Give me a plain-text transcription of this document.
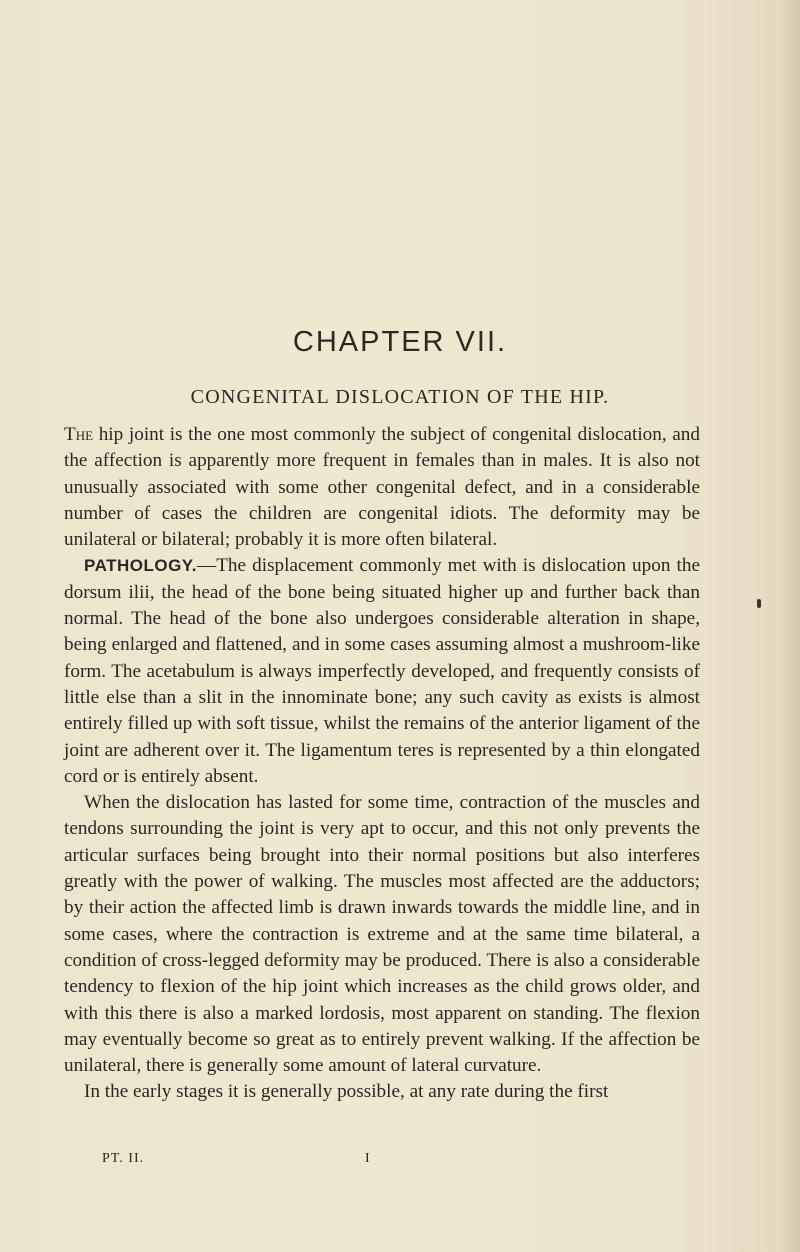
CHAPTER VII.
CONGENITAL DISLOCATION OF THE HIP.

The hip joint is the one most commonly the subject of congenital dislocation, and the affection is apparently more frequent in females than in males. It is also not unusually associated with some other congenital defect, and in a considerable number of cases the children are congenital idiots. The deformity may be unilateral or bilateral; probably it is more often bilateral.

PATHOLOGY.—The displacement commonly met with is dislocation upon the dorsum ilii, the head of the bone being situated higher up and further back than normal. The head of the bone also undergoes considerable alteration in shape, being enlarged and flattened, and in some cases assuming almost a mushroom-like form. The acetabulum is always imperfectly developed, and frequently consists of little else than a slit in the innominate bone; any such cavity as exists is almost entirely filled up with soft tissue, whilst the remains of the anterior ligament of the joint are adherent over it. The ligamentum teres is represented by a thin elongated cord or is entirely absent.

When the dislocation has lasted for some time, contraction of the muscles and tendons surrounding the joint is very apt to occur, and this not only prevents the articular surfaces being brought into their normal positions but also interferes greatly with the power of walking. The muscles most affected are the adductors; by their action the affected limb is drawn inwards towards the middle line, and in some cases, where the contraction is extreme and at the same time bilateral, a condition of cross-legged deformity may be produced. There is also a considerable tendency to flexion of the hip joint which increases as the child grows older, and with this there is also a marked lordosis, most apparent on standing. The flexion may eventually become so great as to entirely prevent walking. If the affection be unilateral, there is generally some amount of lateral curvature.

In the early stages it is generally possible, at any rate during the first

PT. II.	I
